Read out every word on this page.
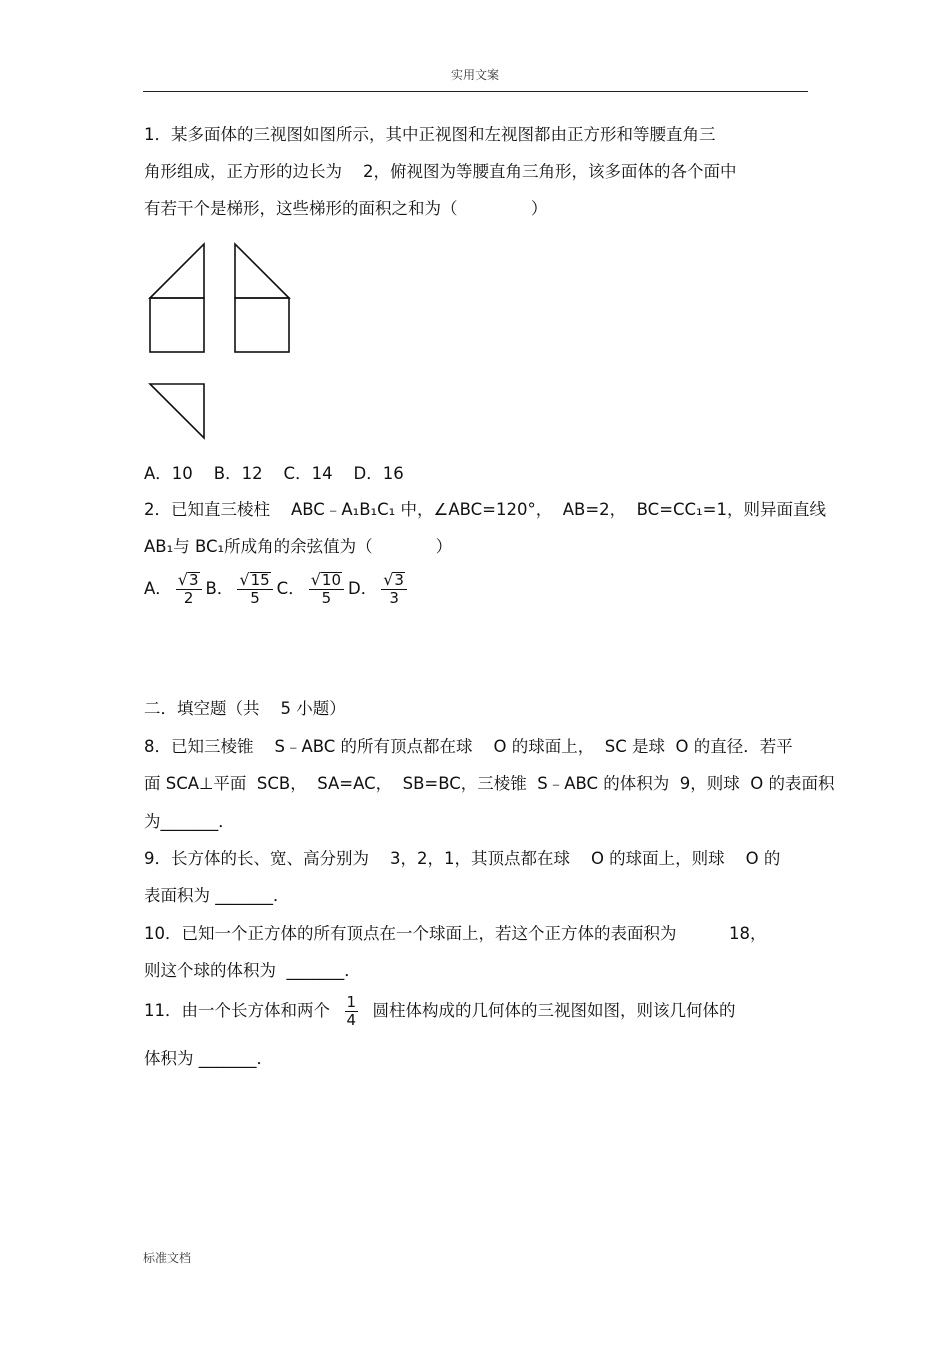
实用文案
1．某多面体的三视图如图所示，其中正视图和左视图都由正方形和等腰直角三
角形组成，正方形的边长为    2，俯视图为等腰直角三角形，该多面体的各个面中
有若干个是梯形，这些梯形的面积之和为（              ）
A．10    B．12    C．14    D．16
2．已知直三棱柱    ABC﹣A₁B₁C₁ 中，∠ABC=120°，  AB=2，  BC=CC₁=1，则异面直线
AB₁与 BC₁所成角的余弦值为（            ）
A． $\frac{√ 3}{2}$ B． $\frac{√ 15}{5}$ C． $\frac{√ 10}{5}$ D． $\frac{√ 3}{3}$
二．填空题（共    5 小题）
8．已知三棱锥    S﹣ABC 的所有顶点都在球    O 的球面上，  SC 是球  O 的直径．若平
面 SCA⊥平面  SCB，  SA=AC，  SB=BC，三棱锥  S﹣ABC 的体积为  9，则球  O 的表面积
为_______．
9．长方体的长、宽、高分别为    3，2，1，其顶点都在球    O 的球面上，则球    O 的
表面积为 _______．
10．已知一个正方体的所有顶点在一个球面上，若这个正方体的表面积为          18，
则这个球的体积为  _______．
11．由一个长方体和两个 $\frac{1}{4}$ 圆柱体构成的几何体的三视图如图，则该几何体的
体积为 _______．
标准文档
